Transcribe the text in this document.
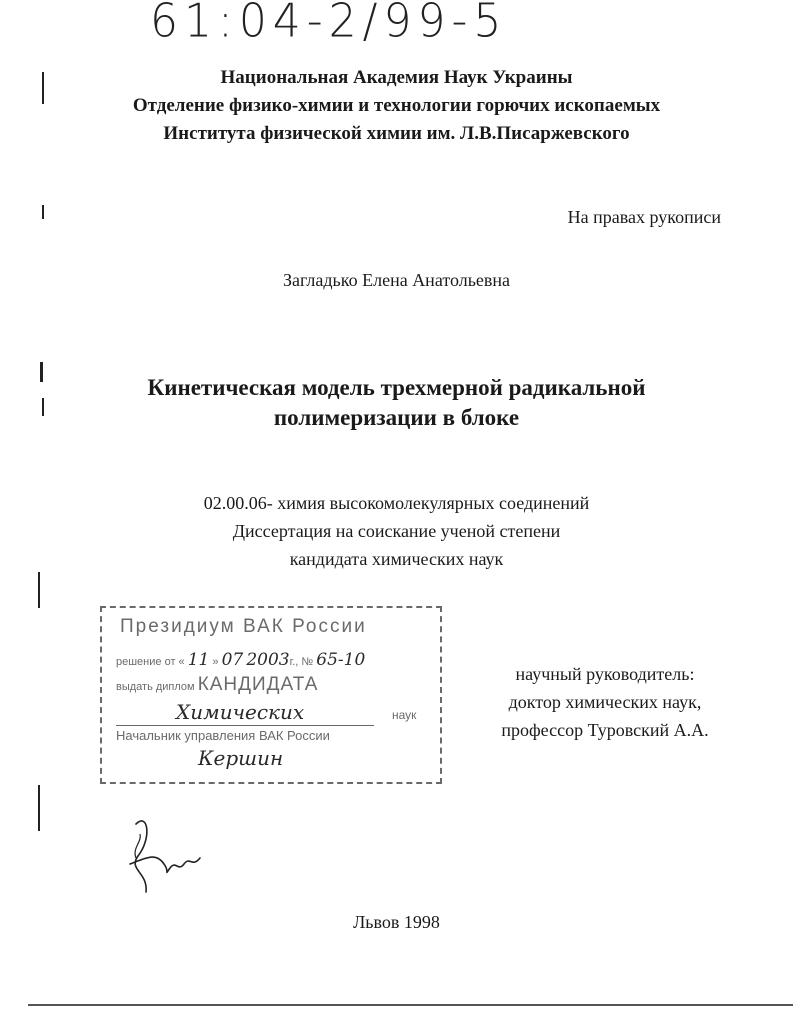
61:04-2/99-5
Национальная Академия Наук Украины
Отделение физико-химии и технологии горючих ископаемых
Института физической химии им. Л.В.Писаржевского
На правах рукописи
Загладько Елена Анатольевна
Кинетическая модель трехмерной радикальной
полимеризации в блоке
02.00.06- химия высокомолекулярных соединений
Диссертация на соискание ученой степени
кандидата химических наук
Президиум ВАК России
решение от « 11 » 07 2003г., № 65-10
выдать диплом КАНДИДАТА
Химических	наук
Начальник управления ВАК России
Кершин
научный руководитель:
доктор химических наук,
профессор Туровский А.А.
Львов 1998
